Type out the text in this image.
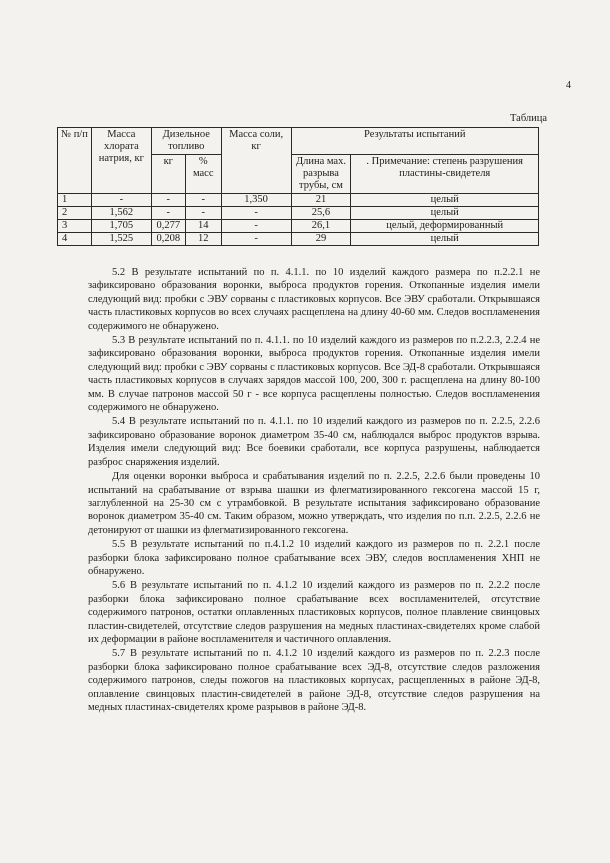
4
Таблица
№ п/п	Масса хлората натрия, кг	Дизельное топливо		Масса соли, кг	Результаты испытаний	
		кг	% масс		Длина мах. разрыва трубы, см	. Примечание: степень разрушения пластины-свидетеля
1	-	-	-	1,350	21	целый
2	1,562	-	-	-	25,6	целый
3	1,705	0,277	14	-	26,1	целый, деформированный
4	1,525	0,208	12	-	29	целый

5.2 В результате испытаний по п. 4.1.1. по 10 изделий каждого размера по п.2.2.1 не зафиксировано образования воронки, выброса продуктов горения. Откопанные изделия имели следующий вид: пробки с ЭВУ сорваны с пластиковых корпусов. Все ЭВУ сработали. Открывшаяся часть пластиковых корпусов во всех случаях расщеплена на длину 40-60 мм. Следов воспламенения содержимого не обнаружено.

5.3 В результате испытаний по п. 4.1.1. по 10 изделий каждого из размеров по п.2.2.3, 2.2.4 не зафиксировано образования воронки, выброса продуктов горения. Откопанные изделия имели следующий вид: пробки с ЭВУ сорваны с пластиковых корпусов. Все ЭД-8 сработали. Открывшаяся часть пластиковых корпусов в случаях зарядов массой 100, 200, 300 г. расщеплена на длину 80-100 мм. В случае патронов массой 50 г - все корпуса расщеплены полностью. Следов воспламенения содержимого не обнаружено.

5.4 В результате испытаний по п. 4.1.1. по 10 изделий каждого из размеров по п. 2.2.5, 2.2.6 зафиксировано образование воронок диаметром 35-40 см, наблюдался выброс продуктов взрыва. Изделия имели следующий вид: Все боевики сработали, все корпуса разрушены, наблюдается разброс снаряжения изделий.

Для оценки воронки выброса и срабатывания изделий по п. 2.2.5, 2.2.6 были проведены 10 испытаний на срабатывание от взрыва шашки из флегматизированного гексогена массой 15 г, заглубленной на 25-30 см с утрамбовкой. В результате испытания зафиксировано образование воронок диаметром 35-40 см. Таким образом, можно утверждать, что изделия по п.п. 2.2.5, 2.2.6 не детонируют от шашки из флегматизированного гексогена.

5.5 В результате испытаний по п.4.1.2 10 изделий каждого из размеров по п. 2.2.1 после разборки блока зафиксировано полное срабатывание всех ЭВУ, следов воспламенения ХНП не обнаружено.

5.6 В результате испытаний по п. 4.1.2 10 изделий каждого из размеров по п. 2.2.2 после разборки блока зафиксировано полное срабатывание всех воспламенителей, отсутствие содержимого патронов, остатки оплавленных пластиковых корпусов, полное плавление свинцовых пластин-свидетелей, отсутствие следов разрушения на медных пластинах-свидетелях кроме слабой их деформации в районе воспламенителя и частичного оплавления.

5.7 В результате испытаний по п. 4.1.2 10 изделий каждого из размеров по п. 2.2.3 после разборки блока зафиксировано полное срабатывание всех ЭД-8, отсутствие следов разложения содержимого патронов, следы пожогов на пластиковых корпусах, расщепленных в районе ЭД-8, оплавление свинцовых пластин-свидетелей в районе ЭД-8, отсутствие следов разрушения на медных пластинах-свидетелях кроме разрывов в районе ЭД-8.
